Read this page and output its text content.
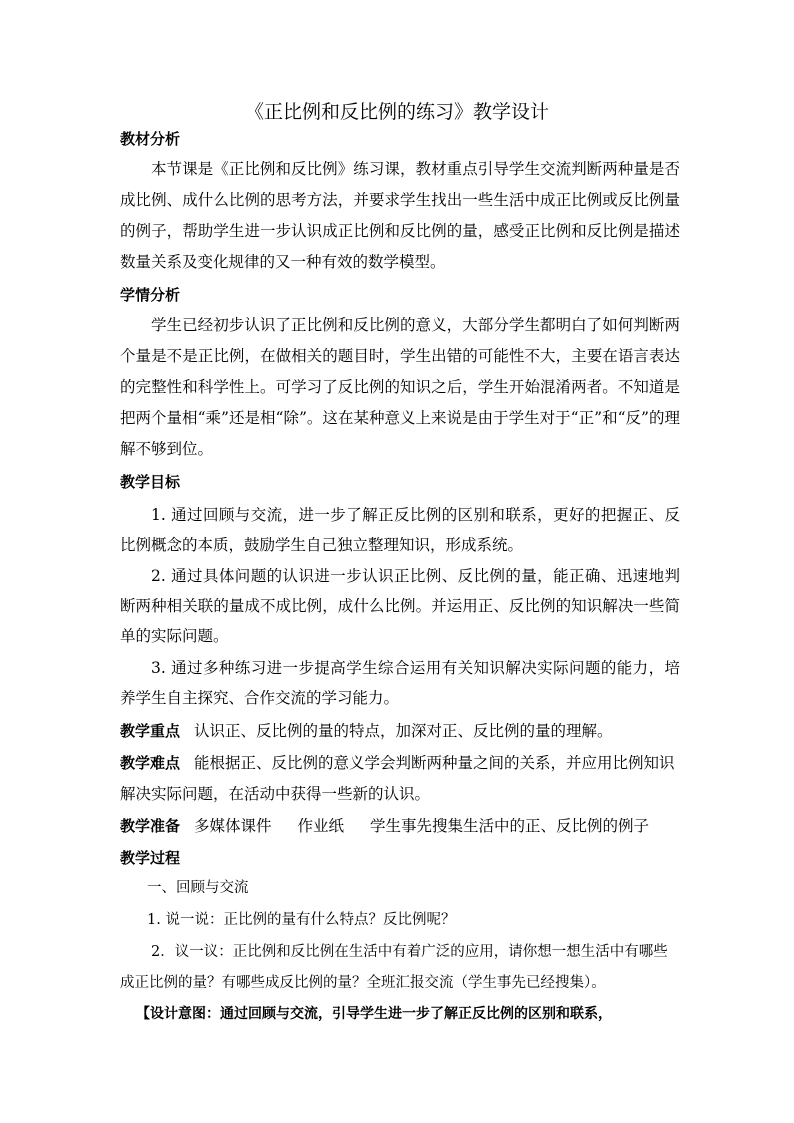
《正比例和反比例的练习》教学设计
教材分析
本节课是《正比例和反比例》练习课，教材重点引导学生交流判断两种量是否成比例、成什么比例的思考方法，并要求学生找出一些生活中成正比例或反比例量的例子，帮助学生进一步认识成正比例和反比例的量，感受正比例和反比例是描述数量关系及变化规律的又一种有效的数学模型。
学情分析
学生已经初步认识了正比例和反比例的意义，大部分学生都明白了如何判断两个量是不是正比例，在做相关的题目时，学生出错的可能性不大，主要在语言表达的完整性和科学性上。可学习了反比例的知识之后，学生开始混淆两者。不知道是把两个量相“乘”还是相“除”。这在某种意义上来说是由于学生对于“正”和“反”的理解不够到位。
教学目标
1. 通过回顾与交流，进一步了解正反比例的区别和联系，更好的把握正、反比例概念的本质，鼓励学生自己独立整理知识，形成系统。
2. 通过具体问题的认识进一步认识正比例、反比例的量，能正确、迅速地判断两种相关联的量成不成比例，成什么比例。并运用正、反比例的知识解决一些简单的实际问题。
3. 通过多种练习进一步提高学生综合运用有关知识解决实际问题的能力，培养学生自主探究、合作交流的学习能力。
教学重点 认识正、反比例的量的特点，加深对正、反比例的量的理解。
教学难点 能根据正、反比例的意义学会判断两种量之间的关系，并应用比例知识解决实际问题，在活动中获得一些新的认识。
教学准备 多媒体课件 作业纸 学生事先搜集生活中的正、反比例的例子
教学过程
一、回顾与交流
1. 说一说：正比例的量有什么特点？反比例呢？
2．议一议：正比例和反比例在生活中有着广泛的应用，请你想一想生活中有哪些成正比例的量？有哪些成反比例的量？全班汇报交流（学生事先已经搜集）。
【设计意图：通过回顾与交流，引导学生进一步了解正反比例的区别和联系，
